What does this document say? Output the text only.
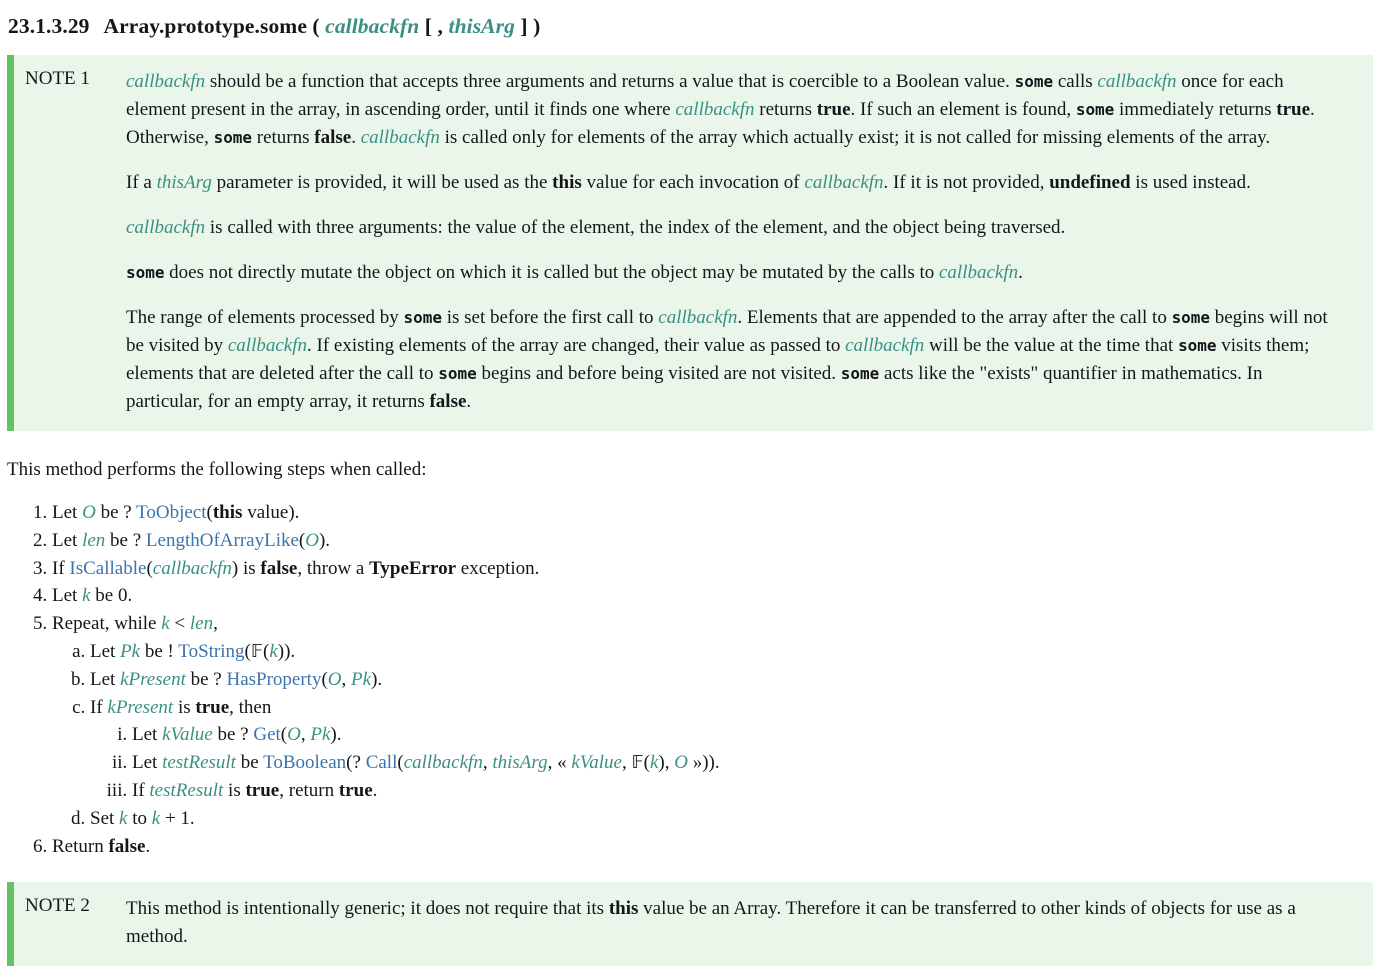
23.1.3.29 Array.prototype.some ( callbackfn [ , thisArg ] )
NOTE 1	callbackfn should be a function that accepts three arguments and returns a value that is coercible to a Boolean value. some calls callbackfn once for each element present in the array, in ascending order, until it finds one where callbackfn returns true. If such an element is found, some immediately returns true. Otherwise, some returns false. callbackfn is called only for elements of the array which actually exist; it is not called for missing elements of the array.

If a thisArg parameter is provided, it will be used as the this value for each invocation of callbackfn. If it is not provided, undefined is used instead.

callbackfn is called with three arguments: the value of the element, the index of the element, and the object being traversed.

some does not directly mutate the object on which it is called but the object may be mutated by the calls to callbackfn.

The range of elements processed by some is set before the first call to callbackfn. Elements that are appended to the array after the call to some begins will not be visited by callbackfn. If existing elements of the array are changed, their value as passed to callbackfn will be the value at the time that some visits them; elements that are deleted after the call to some begins and before being visited are not visited. some acts like the "exists" quantifier in mathematics. In particular, for an empty array, it returns false.

This method performs the following steps when called:

1. Let O be ? ToObject(this value).
2. Let len be ? LengthOfArrayLike(O).
3. If IsCallable(callbackfn) is false, throw a TypeError exception.
4. Let k be 0.
5. Repeat, while k < len,
a. Let Pk be ! ToString(𝔽(k)).
b. Let kPresent be ? HasProperty(O, Pk).
c. If kPresent is true, then
i. Let kValue be ? Get(O, Pk).
ii. Let testResult be ToBoolean(? Call(callbackfn, thisArg, « kValue, 𝔽(k), O »)).
iii. If testResult is true, return true.
d. Set k to k + 1.
6. Return false.
NOTE 2	This method is intentionally generic; it does not require that its this value be an Array. Therefore it can be transferred to other kinds of objects for use as a method.
